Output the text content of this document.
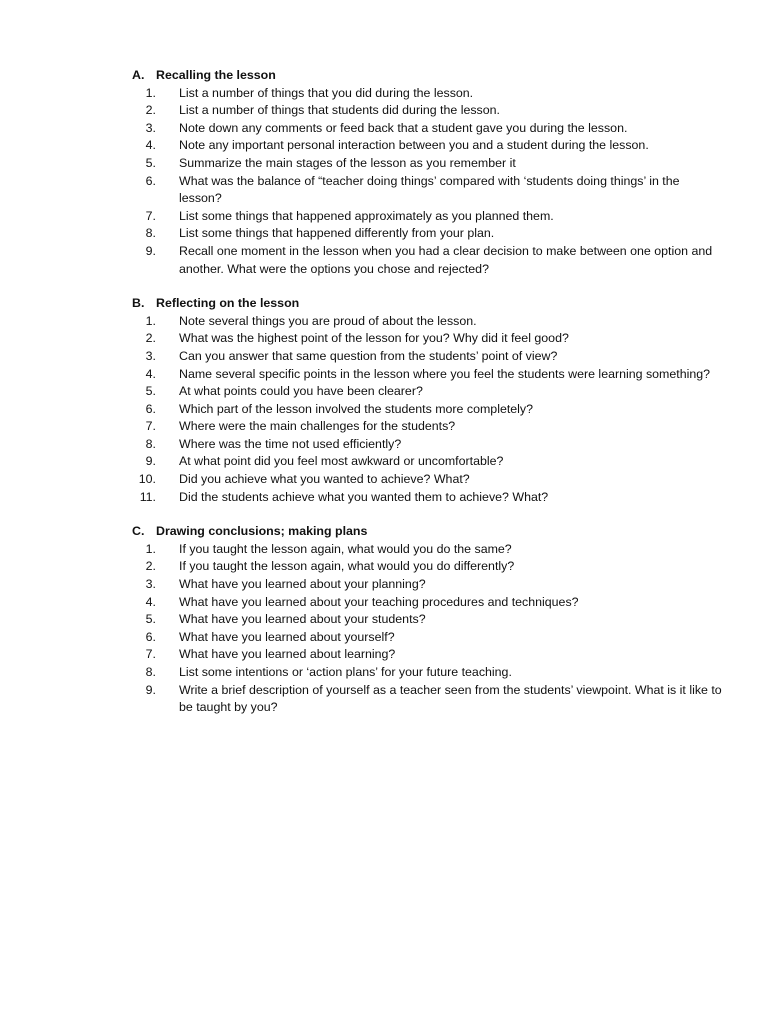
A. Recalling the lesson
1.	List a number of things that you did during the lesson.
2.	List a number of things that students did during the lesson.
3.	Note down any comments or feed back that a student gave you during the lesson.
4.	Note any important personal interaction between you and a student during the lesson.
5.	Summarize the main stages of the lesson as you remember it
6.	What was the balance of “teacher doing things’ compared with ‘students doing things’ in the lesson?
7.	List some things that happened approximately as you planned them.
8.	List some things that happened differently from your plan.
9.	Recall one moment in the lesson when you had a clear decision to make between one option and another. What were the options you chose and rejected?
B. Reflecting on the lesson
1.	Note several things you are proud of about the lesson.
2.	What was the highest point of the lesson for you? Why did it feel good?
3.	Can you answer that same question from the students’ point of view?
4.	Name several specific points in the lesson where you feel the students were learning something?
5.	At what points could you have been clearer?
6.	Which part of the lesson involved the students more completely?
7.	Where were the main challenges for the students?
8.	Where was the time not used efficiently?
9.	At what point did you feel most awkward or uncomfortable?
10.	Did you achieve what you wanted to achieve? What?
11.	Did the students achieve what you wanted them to achieve? What?
C. Drawing conclusions; making plans
1.	If you taught the lesson again, what would you do the same?
2.	If you taught the lesson again, what would you do differently?
3.	What have you learned about your planning?
4.	What have you learned about your teaching procedures and techniques?
5.	What have you learned about your students?
6.	What have you learned about yourself?
7.	What have you learned about learning?
8.	List some intentions or ‘action plans’ for your future teaching.
9.	Write a brief description of yourself as a teacher seen from the students’ viewpoint. What is it like to be taught by you?
